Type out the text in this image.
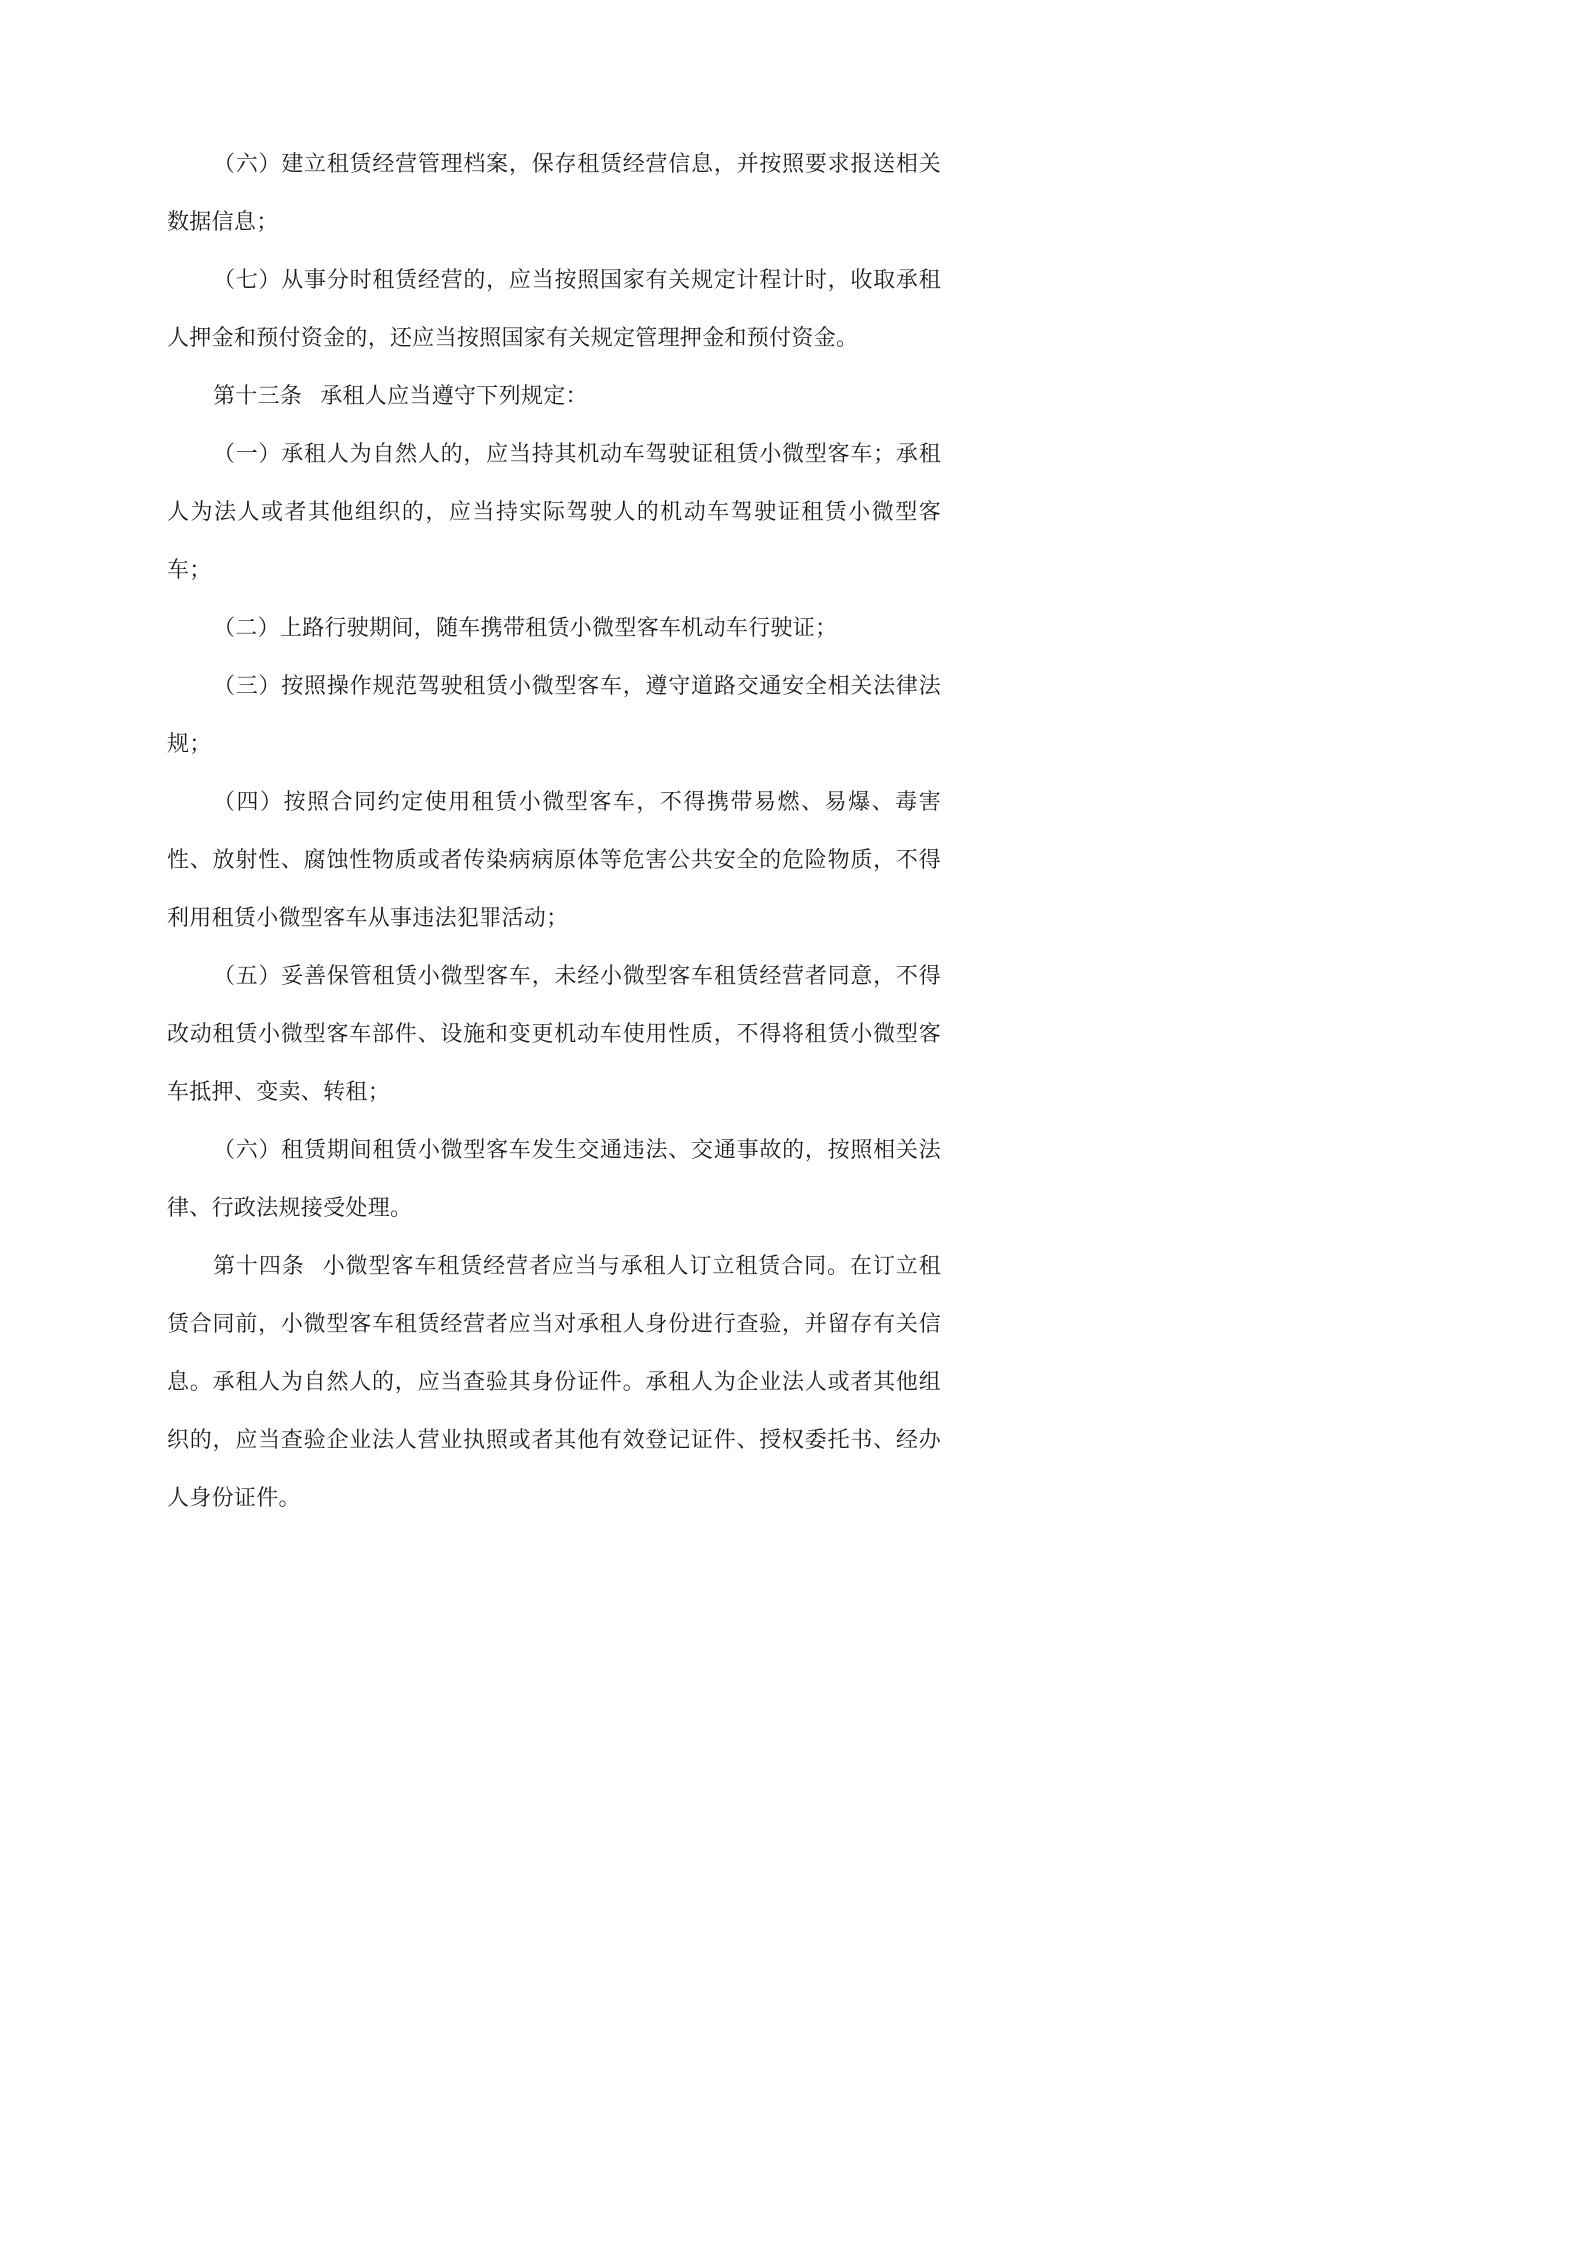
（六）建立租赁经营管理档案，保存租赁经营信息，并按照要求报送相关数据信息；

（七）从事分时租赁经营的，应当按照国家有关规定计程计时，收取承租人押金和预付资金的，还应当按照国家有关规定管理押金和预付资金。

第十三条 承租人应当遵守下列规定：

（一）承租人为自然人的，应当持其机动车驾驶证租赁小微型客车；承租人为法人或者其他组织的，应当持实际驾驶人的机动车驾驶证租赁小微型客车；

（二）上路行驶期间，随车携带租赁小微型客车机动车行驶证；

（三）按照操作规范驾驶租赁小微型客车，遵守道路交通安全相关法律法规；

（四）按照合同约定使用租赁小微型客车，不得携带易燃、易爆、毒害性、放射性、腐蚀性物质或者传染病病原体等危害公共安全的危险物质，不得利用租赁小微型客车从事违法犯罪活动；

（五）妥善保管租赁小微型客车，未经小微型客车租赁经营者同意，不得改动租赁小微型客车部件、设施和变更机动车使用性质，不得将租赁小微型客车抵押、变卖、转租；

（六）租赁期间租赁小微型客车发生交通违法、交通事故的，按照相关法律、行政法规接受处理。

第十四条 小微型客车租赁经营者应当与承租人订立租赁合同。在订立租赁合同前，小微型客车租赁经营者应当对承租人身份进行查验，并留存有关信息。承租人为自然人的，应当查验其身份证件。承租人为企业法人或者其他组织的，应当查验企业法人营业执照或者其他有效登记证件、授权委托书、经办人身份证件。
